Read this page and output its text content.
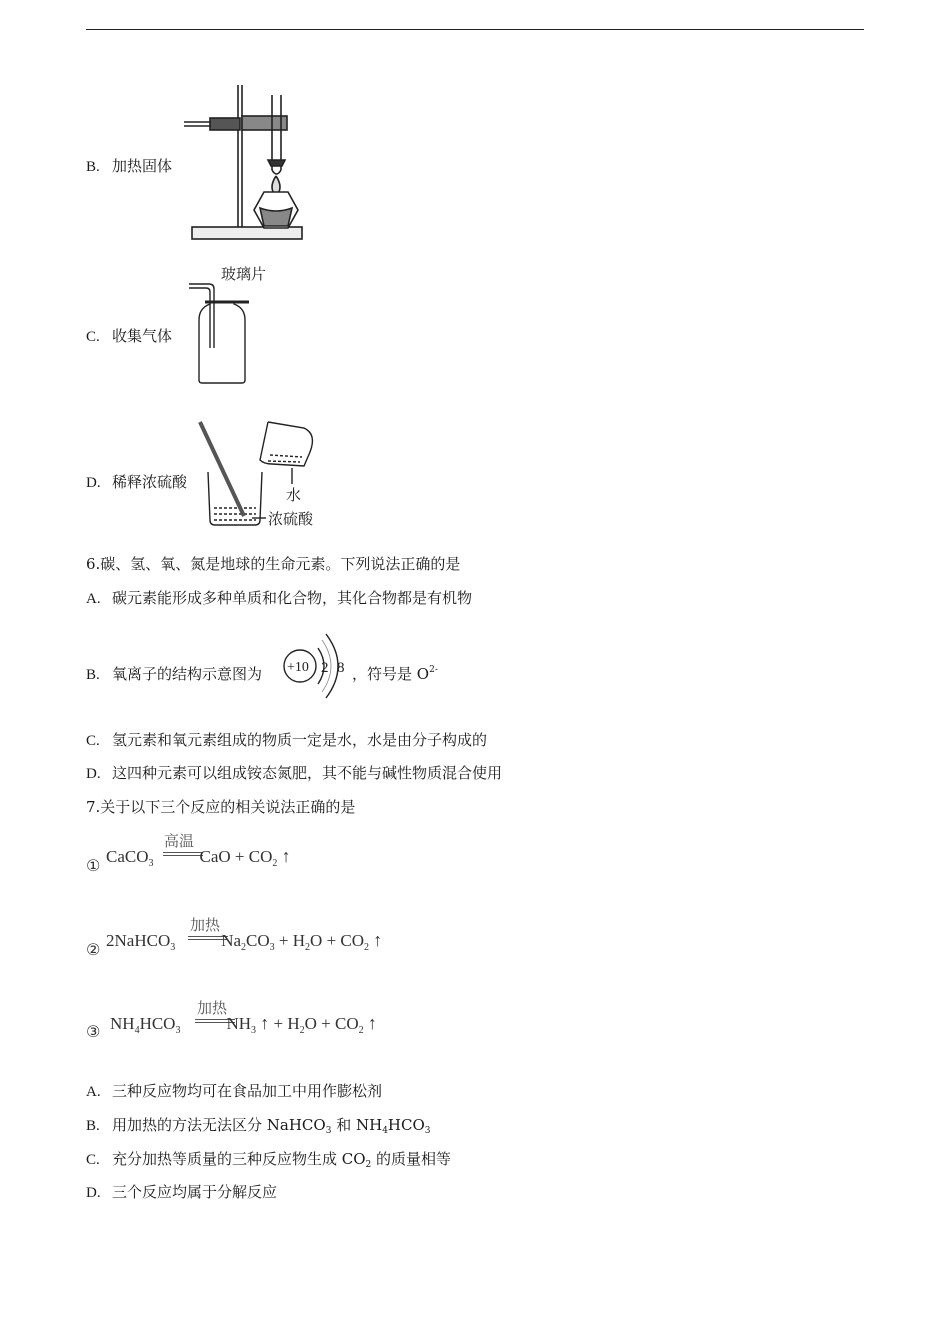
B. 加热固体
C. 收集气体
玻璃片
D. 稀释浓硫酸
水
浓硫酸
6.碳、氢、氧、氮是地球的生命元素。下列说法正确的是
A. 碳元素能形成多种单质和化合物，其化合物都是有机物
B. 氧离子的结构示意图为	，符号是 $O^{2-}$
+10 2 8
C. 氢元素和氧元素组成的物质一定是水，水是由分子构成的
D. 这四种元素可以组成铵态氮肥，其不能与碱性物质混合使用
7.关于以下三个反应的相关说法正确的是
①
高温
CaCO$_3$	CaO + $CO_2$ ↑
②
加热
2NaHCO$_3$	$Na_2CO_3 + H_2O + CO_2$ ↑
③
加热
$NH_4HCO_3$	$NH_3$ ↑ + $H_2O + CO_2$ ↑
A. 三种反应物均可在食品加工中用作膨松剂
B. 用加热的方法无法区分 NaHCO$_3$ 和 $NH_4HCO_3$
C. 充分加热等质量的三种反应物生成 $CO_2$ 的质量相等
D. 三个反应均属于分解反应
